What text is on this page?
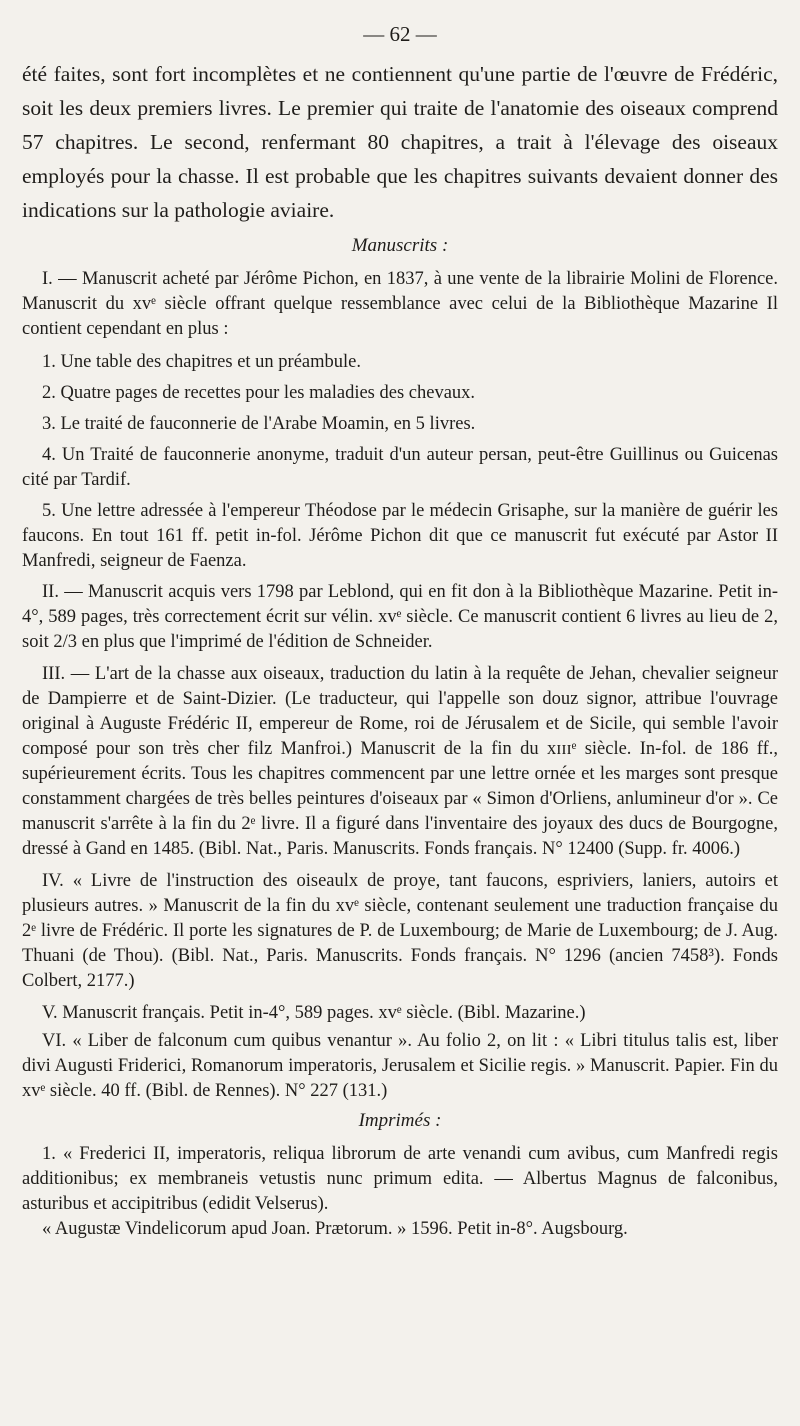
— 62 —

été faites, sont fort incomplètes et ne contiennent qu'une partie de l'œuvre de Frédéric, soit les deux premiers livres. Le premier qui traite de l'anatomie des oiseaux comprend 57 chapitres. Le second, renfermant 80 chapitres, a trait à l'élevage des oiseaux employés pour la chasse. Il est probable que les chapitres suivants devaient donner des indications sur la pathologie aviaire.

Manuscrits :

I. — Manuscrit acheté par Jérôme Pichon, en 1837, à une vente de la librairie Molini de Florence. Manuscrit du xvᵉ siècle offrant quelque ressemblance avec celui de la Bibliothèque Mazarine Il contient cependant en plus :

1. Une table des chapitres et un préambule.

2. Quatre pages de recettes pour les maladies des chevaux.

3. Le traité de fauconnerie de l'Arabe Moamin, en 5 livres.

4. Un Traité de fauconnerie anonyme, traduit d'un auteur persan, peut-être Guillinus ou Guicenas cité par Tardif.

5. Une lettre adressée à l'empereur Théodose par le médecin Grisaphe, sur la manière de guérir les faucons. En tout 161 ff. petit in-fol. Jérôme Pichon dit que ce manuscrit fut exécuté par Astor II Manfredi, seigneur de Faenza.

II. — Manuscrit acquis vers 1798 par Leblond, qui en fit don à la Bibliothèque Mazarine. Petit in-4°, 589 pages, très correctement écrit sur vélin. xvᵉ siècle. Ce manuscrit contient 6 livres au lieu de 2, soit 2/3 en plus que l'imprimé de l'édition de Schneider.

III. — L'art de la chasse aux oiseaux, traduction du latin à la requête de Jehan, chevalier seigneur de Dampierre et de Saint-Dizier. (Le traducteur, qui l'appelle son douz signor, attribue l'ouvrage original à Auguste Frédéric II, empereur de Rome, roi de Jérusalem et de Sicile, qui semble l'avoir composé pour son très cher filz Manfroi.) Manuscrit de la fin du xɪɪɪᵉ siècle. In-fol. de 186 ff., supérieurement écrits. Tous les chapitres commencent par une lettre ornée et les marges sont presque constamment chargées de très belles peintures d'oiseaux par « Simon d'Orliens, anlumineur d'or ». Ce manuscrit s'arrête à la fin du 2ᵉ livre. Il a figuré dans l'inventaire des joyaux des ducs de Bourgogne, dressé à Gand en 1485. (Bibl. Nat., Paris. Manuscrits. Fonds français. N° 12400 (Supp. fr. 4006.)

IV. « Livre de l'instruction des oiseaulx de proye, tant faucons, espriviers, laniers, autoirs et plusieurs autres. » Manuscrit de la fin du xvᵉ siècle, contenant seulement une traduction française du 2ᵉ livre de Frédéric. Il porte les signatures de P. de Luxembourg; de Marie de Luxembourg; de J. Aug. Thuani (de Thou). (Bibl. Nat., Paris. Manuscrits. Fonds français. N° 1296 (ancien 7458³). Fonds Colbert, 2177.)

V. Manuscrit français. Petit in-4°, 589 pages. xvᵉ siècle. (Bibl. Mazarine.)

VI. « Liber de falconum cum quibus venantur ». Au folio 2, on lit : « Libri titulus talis est, liber divi Augusti Friderici, Romanorum imperatoris, Jerusalem et Sicilie regis. » Manuscrit. Papier. Fin du xvᵉ siècle. 40 ff. (Bibl. de Rennes). N° 227 (131.)

Imprimés :

1. « Frederici II, imperatoris, reliqua librorum de arte venandi cum avibus, cum Manfredi regis additionibus; ex membraneis vetustis nunc primum edita. — Albertus Magnus de falconibus, asturibus et accipitribus (edidit Velserus).

« Augustæ Vindelicorum apud Joan. Prætorum. » 1596. Petit in-8°. Augsbourg.
